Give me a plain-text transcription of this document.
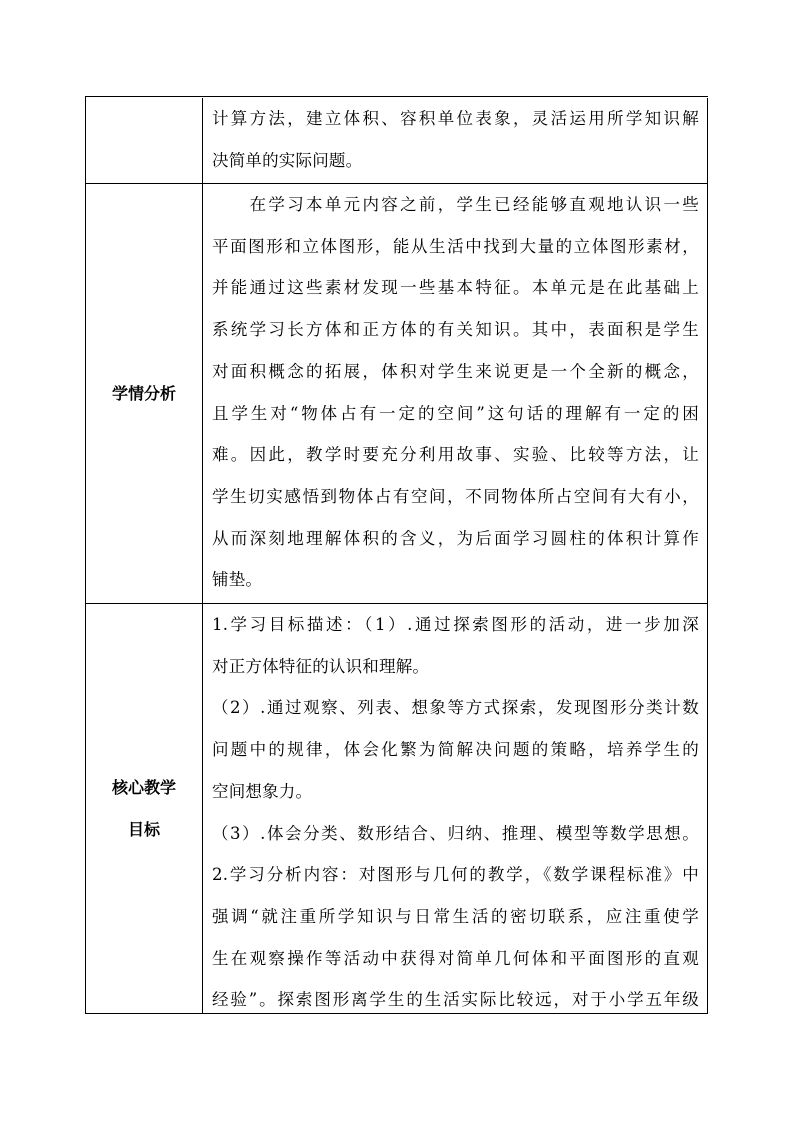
计算方法，建立体积、容积单位表象，灵活运用所学知识解
决简单的实际问题。
学情分析
　　在学习本单元内容之前，学生已经能够直观地认识一些
平面图形和立体图形，能从生活中找到大量的立体图形素材，
并能通过这些素材发现一些基本特征。本单元是在此基础上
系统学习长方体和正方体的有关知识。其中，表面积是学生
对面积概念的拓展，体积对学生来说更是一个全新的概念，
且学生对“物体占有一定的空间”这句话的理解有一定的困
难。因此，教学时要充分利用故事、实验、比较等方法，让
学生切实感悟到物体占有空间，不同物体所占空间有大有小，
从而深刻地理解体积的含义，为后面学习圆柱的体积计算作
铺垫。
核心教学
目标
1.学习目标描述：（1）.通过探索图形的活动，进一步加深
对正方体特征的认识和理解。
（2）.通过观察、列表、想象等方式探索，发现图形分类计数
问题中的规律，体会化繁为简解决问题的策略，培养学生的
空间想象力。
（3）.体会分类、数形结合、归纳、推理、模型等数学思想。
2.学习分析内容：对图形与几何的教学，《数学课程标准》中
强调“就注重所学知识与日常生活的密切联系，应注重使学
生在观察操作等活动中获得对简单几何体和平面图形的直观
经验”。探索图形离学生的生活实际比较远，对于小学五年级
